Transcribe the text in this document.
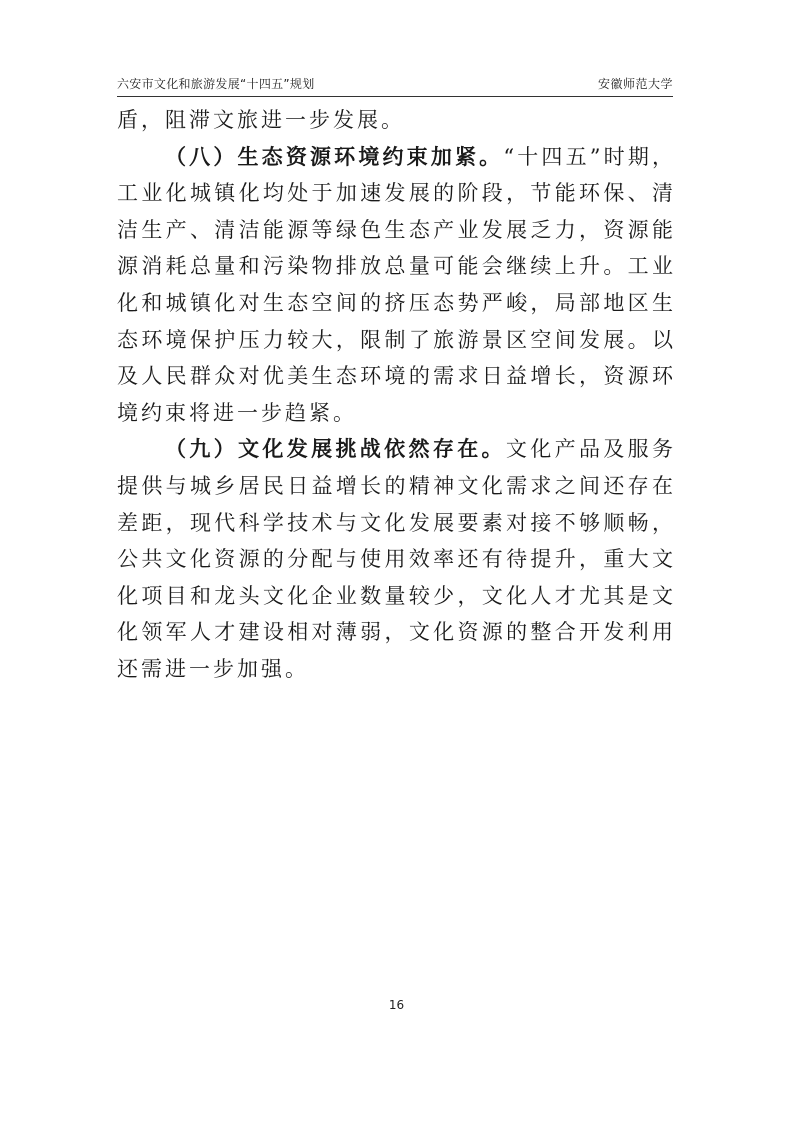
六安市文化和旅游发展“十四五”规划	安徽师范大学

盾，阻滞文旅进一步发展。

（八）生态资源环境约束加紧。“十四五”时期，工业化城镇化均处于加速发展的阶段，节能环保、清洁生产、清洁能源等绿色生态产业发展乏力，资源能源消耗总量和污染物排放总量可能会继续上升。工业化和城镇化对生态空间的挤压态势严峻，局部地区生态环境保护压力较大，限制了旅游景区空间发展。以及人民群众对优美生态环境的需求日益增长，资源环境约束将进一步趋紧。

（九）文化发展挑战依然存在。文化产品及服务提供与城乡居民日益增长的精神文化需求之间还存在差距，现代科学技术与文化发展要素对接不够顺畅，公共文化资源的分配与使用效率还有待提升，重大文化项目和龙头文化企业数量较少，文化人才尤其是文化领军人才建设相对薄弱，文化资源的整合开发利用还需进一步加强。

16
